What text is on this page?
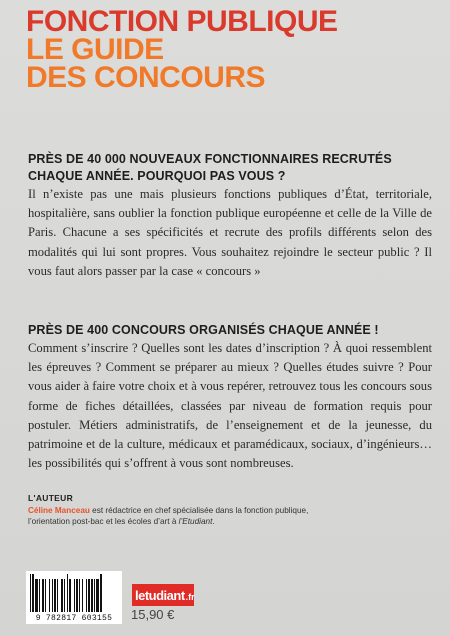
FONCTION PUBLIQUE
LE GUIDE
DES CONCOURS
PRÈS DE 40 000 NOUVEAUX FONCTIONNAIRES RECRUTÉS
CHAQUE ANNÉE. POURQUOI PAS VOUS ?

Il n’existe pas une mais plusieurs fonctions publiques d’État, territoriale, hospitalière, sans oublier la fonction publique européenne et celle de la Ville de Paris. Chacune a ses spécificités et recrute des profils différents selon des modalités qui lui sont propres. Vous souhaitez rejoindre le secteur public ? Il vous faut alors passer par la case « concours »

PRÈS DE 400 CONCOURS ORGANISÉS CHAQUE ANNÉE !

Comment s’inscrire ? Quelles sont les dates d’inscription ? À quoi ressemblent les épreuves ? Comment se préparer au mieux ? Quelles études suivre ? Pour vous aider à faire votre choix et à vous repérer, retrouvez tous les concours sous forme de fiches détaillées, classées par niveau de formation requis pour postuler. Métiers administratifs, de l’enseignement et de la jeunesse, du patrimoine et de la culture, médicaux et paramédicaux, sociaux, d’ingénieurs… les possibilités qui s’offrent à vous sont nombreuses.

L'AUTEUR
Céline Manceau est rédactrice en chef spécialisée dans la fonction publique,
l’orientation post-bac et les écoles d’art à l’Etudiant.
9 782817 603155
letudiant .fr
15,90 €
